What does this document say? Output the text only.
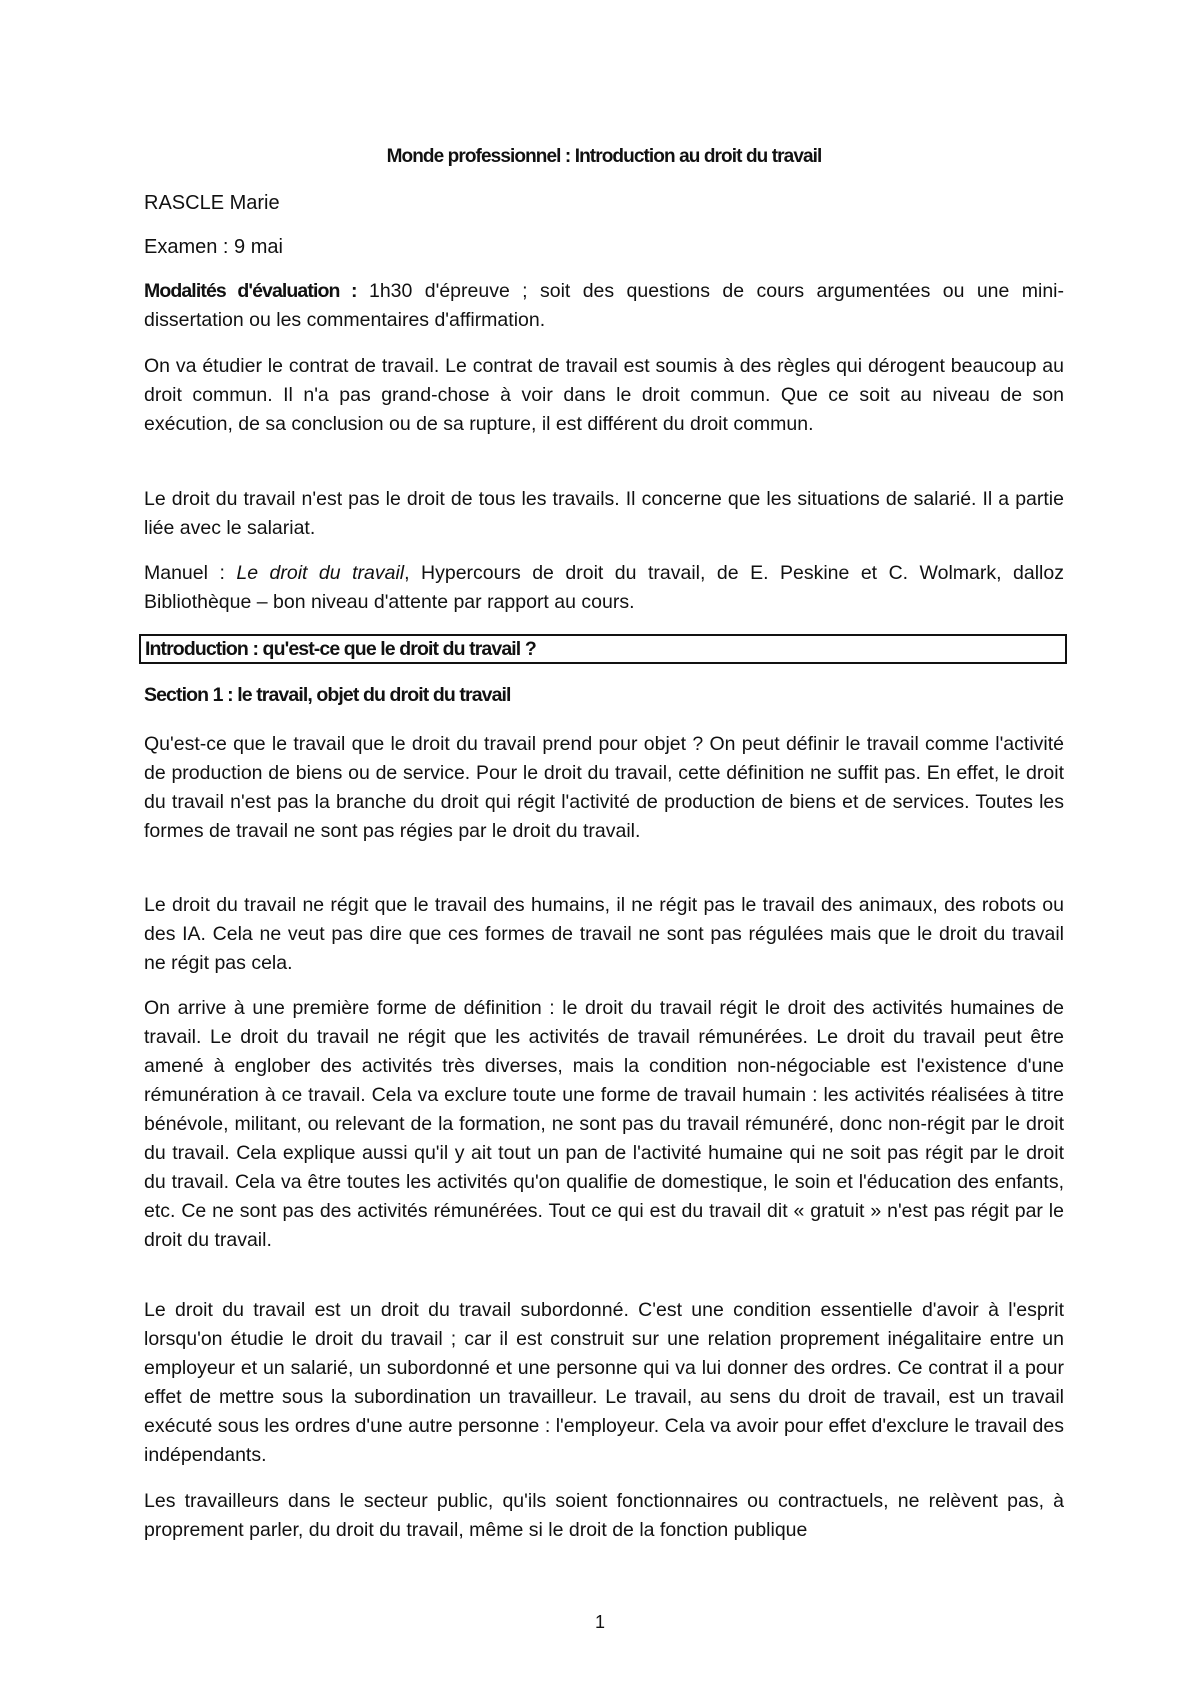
Monde professionnel : Introduction au droit du travail

RASCLE Marie

Examen : 9 mai

Modalités d'évaluation : 1h30 d'épreuve ; soit des questions de cours argumentées ou une mini-dissertation ou les commentaires d'affirmation.

On va étudier le contrat de travail. Le contrat de travail est soumis à des règles qui dérogent beaucoup au droit commun. Il n'a pas grand-chose à voir dans le droit commun. Que ce soit au niveau de son exécution, de sa conclusion ou de sa rupture, il est différent du droit commun.

Le droit du travail n'est pas le droit de tous les travails. Il concerne que les situations de salarié. Il a partie liée avec le salariat.

Manuel : Le droit du travail, Hypercours de droit du travail, de E. Peskine et C. Wolmark, dalloz Bibliothèque – bon niveau d'attente par rapport au cours.

Introduction : qu'est-ce que le droit du travail ?

Section 1 : le travail, objet du droit du travail

Qu'est-ce que le travail que le droit du travail prend pour objet ? On peut définir le travail comme l'activité de production de biens ou de service. Pour le droit du travail, cette définition ne suffit pas. En effet, le droit du travail n'est pas la branche du droit qui régit l'activité de production de biens et de services. Toutes les formes de travail ne sont pas régies par le droit du travail.

Le droit du travail ne régit que le travail des humains, il ne régit pas le travail des animaux, des robots ou des IA. Cela ne veut pas dire que ces formes de travail ne sont pas régulées mais que le droit du travail ne régit pas cela.

On arrive à une première forme de définition : le droit du travail régit le droit des activités humaines de travail. Le droit du travail ne régit que les activités de travail rémunérées. Le droit du travail peut être amené à englober des activités très diverses, mais la condition non-négociable est l'existence d'une rémunération à ce travail. Cela va exclure toute une forme de travail humain : les activités réalisées à titre bénévole, militant, ou relevant de la formation, ne sont pas du travail rémunéré, donc non-régit par le droit du travail. Cela explique aussi qu'il y ait tout un pan de l'activité humaine qui ne soit pas régit par le droit du travail. Cela va être toutes les activités qu'on qualifie de domestique, le soin et l'éducation des enfants, etc. Ce ne sont pas des activités rémunérées. Tout ce qui est du travail dit « gratuit » n'est pas régit par le droit du travail.

Le droit du travail est un droit du travail subordonné. C'est une condition essentielle d'avoir à l'esprit lorsqu'on étudie le droit du travail ; car il est construit sur une relation proprement inégalitaire entre un employeur et un salarié, un subordonné et une personne qui va lui donner des ordres. Ce contrat il a pour effet de mettre sous la subordination un travailleur. Le travail, au sens du droit de travail, est un travail exécuté sous les ordres d'une autre personne : l'employeur. Cela va avoir pour effet d'exclure le travail des indépendants.

Les travailleurs dans le secteur public, qu'ils soient fonctionnaires ou contractuels, ne relèvent pas, à proprement parler, du droit du travail, même si le droit de la fonction publique

1
